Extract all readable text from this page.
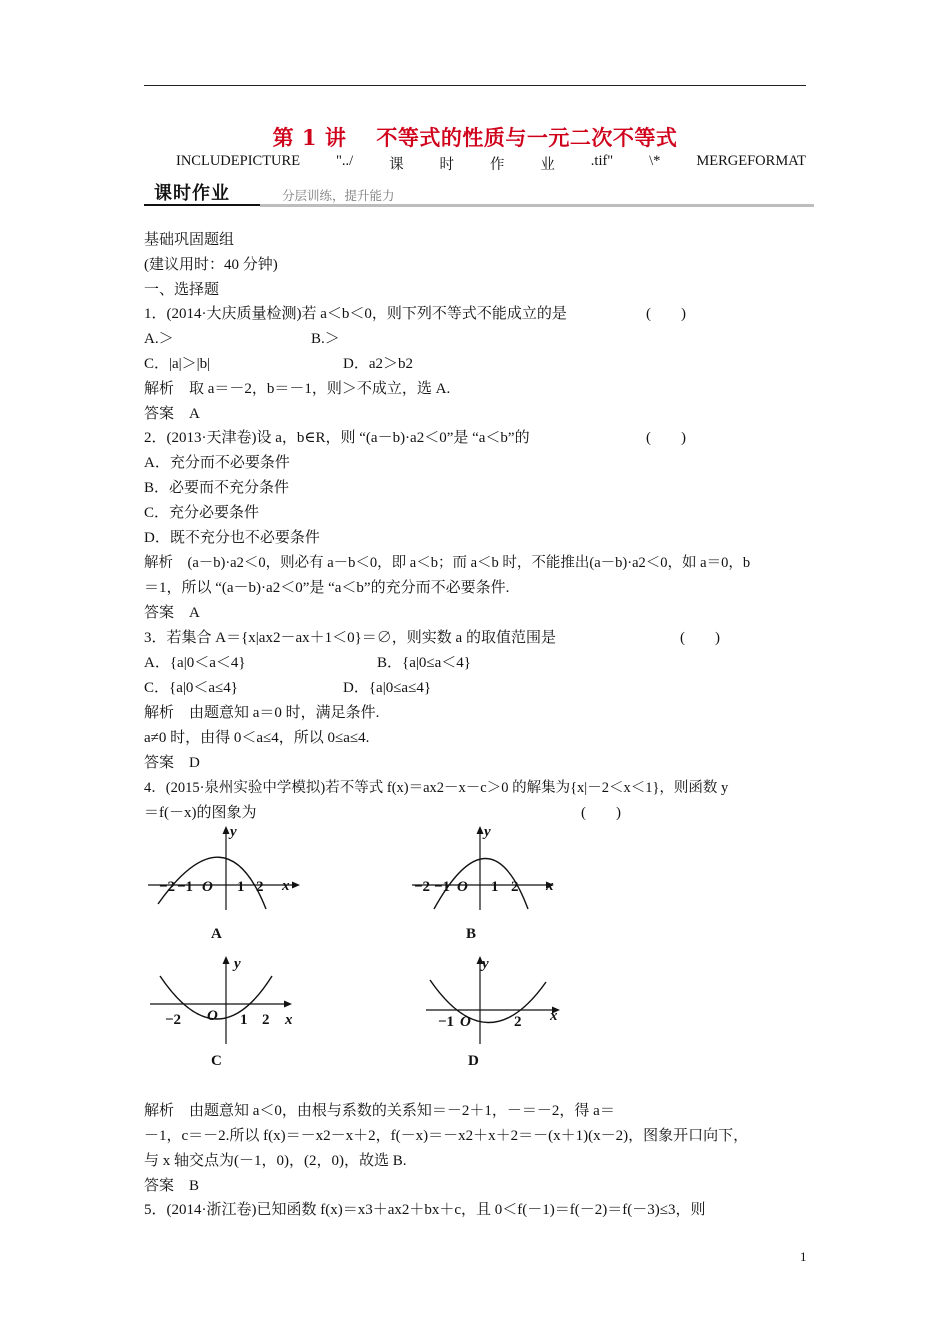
第 1 讲 不等式的性质与一元二次不等式
INCLUDEPICTURE "../ 课 时 作 业 .tif" \* MERGEFORMAT
课时作业	分层训练，提升能力
基础巩固题组
(建议用时：40 分钟)
一、选择题
1．(2014·大庆质量检测)若 a＜b＜0，则下列不等式不能成立的是	(　　)
A.＞	B.＞
C．|a|＞|b|	D．a2＞b2
解析　取 a＝－2，b＝－1，则＞不成立，选 A.
答案　A
2．(2013·天津卷)设 a，b∈R，则 “(a－b)·a2＜0”是 “a＜b”的	(　　)
A．充分而不必要条件
B．必要而不充分条件
C．充分必要条件
D．既不充分也不必要条件
解析　(a－b)·a2＜0，则必有 a－b＜0，即 a＜b；而 a＜b 时，不能推出(a－b)·a2＜0，如 a＝0，b
＝1，所以 “(a－b)·a2＜0”是 “a＜b”的充分而不必要条件.
答案　A
3．若集合 A＝{x|ax2－ax＋1＜0}＝∅，则实数 a 的取值范围是	(　　)
A．{a|0＜a＜4}	B．{a|0≤a＜4}
C．{a|0＜a≤4}	D．{a|0≤a≤4}
解析　由题意知 a＝0 时，满足条件.
a≠0 时，由得 0＜a≤4，所以 0≤a≤4.
答案　D
4．(2015·泉州实验中学模拟)若不等式 f(x)＝ax2－x－c＞0 的解集为{x|－2＜x＜1}，则函数 y
＝f(－x)的图象为	(　　)
y
x
−2 −1 O 1 2
A
y
x
−2 −1 O 1 2
B
y
x
−2 O 1 2
C
y
x
−1 O	2
D
解析　由题意知 a＜0，由根与系数的关系知＝－2＋1，－＝－2，得 a＝
－1，c＝－2.所以 f(x)＝－x2－x＋2，f(－x)＝－x2＋x＋2＝－(x＋1)(x－2)，图象开口向下，
与 x 轴交点为(－1，0)，(2，0)，故选 B.
答案　B
5．(2014·浙江卷)已知函数 f(x)＝x3＋ax2＋bx＋c，且 0＜f(－1)＝f(－2)＝f(－3)≤3，则
1
